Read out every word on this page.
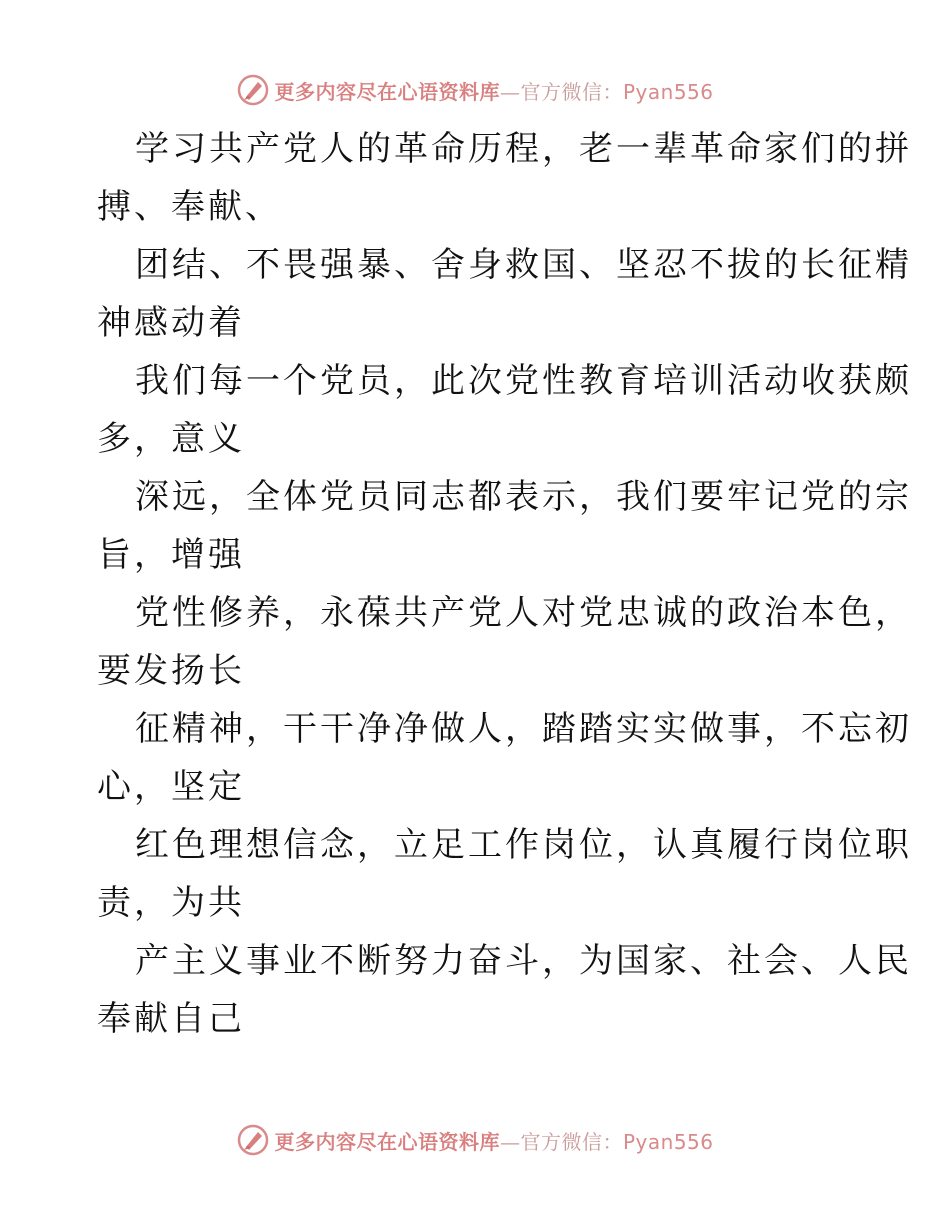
更多内容尽在心语资料库—官方微信：Pyan556

学习共产党人的革命历程，老一辈革命家们的拼
搏、奉献、

团结、不畏强暴、舍身救国、坚忍不拔的长征精
神感动着

我们每一个党员，此次党性教育培训活动收获颇
多，意义

深远，全体党员同志都表示，我们要牢记党的宗
旨，增强

党性修养，永葆共产党人对党忠诚的政治本色，
要发扬长

征精神，干干净净做人，踏踏实实做事，不忘初
心，坚定

红色理想信念，立足工作岗位，认真履行岗位职
责，为共

产主义事业不断努力奋斗，为国家、社会、人民
奉献自己

更多内容尽在心语资料库—官方微信：Pyan556
